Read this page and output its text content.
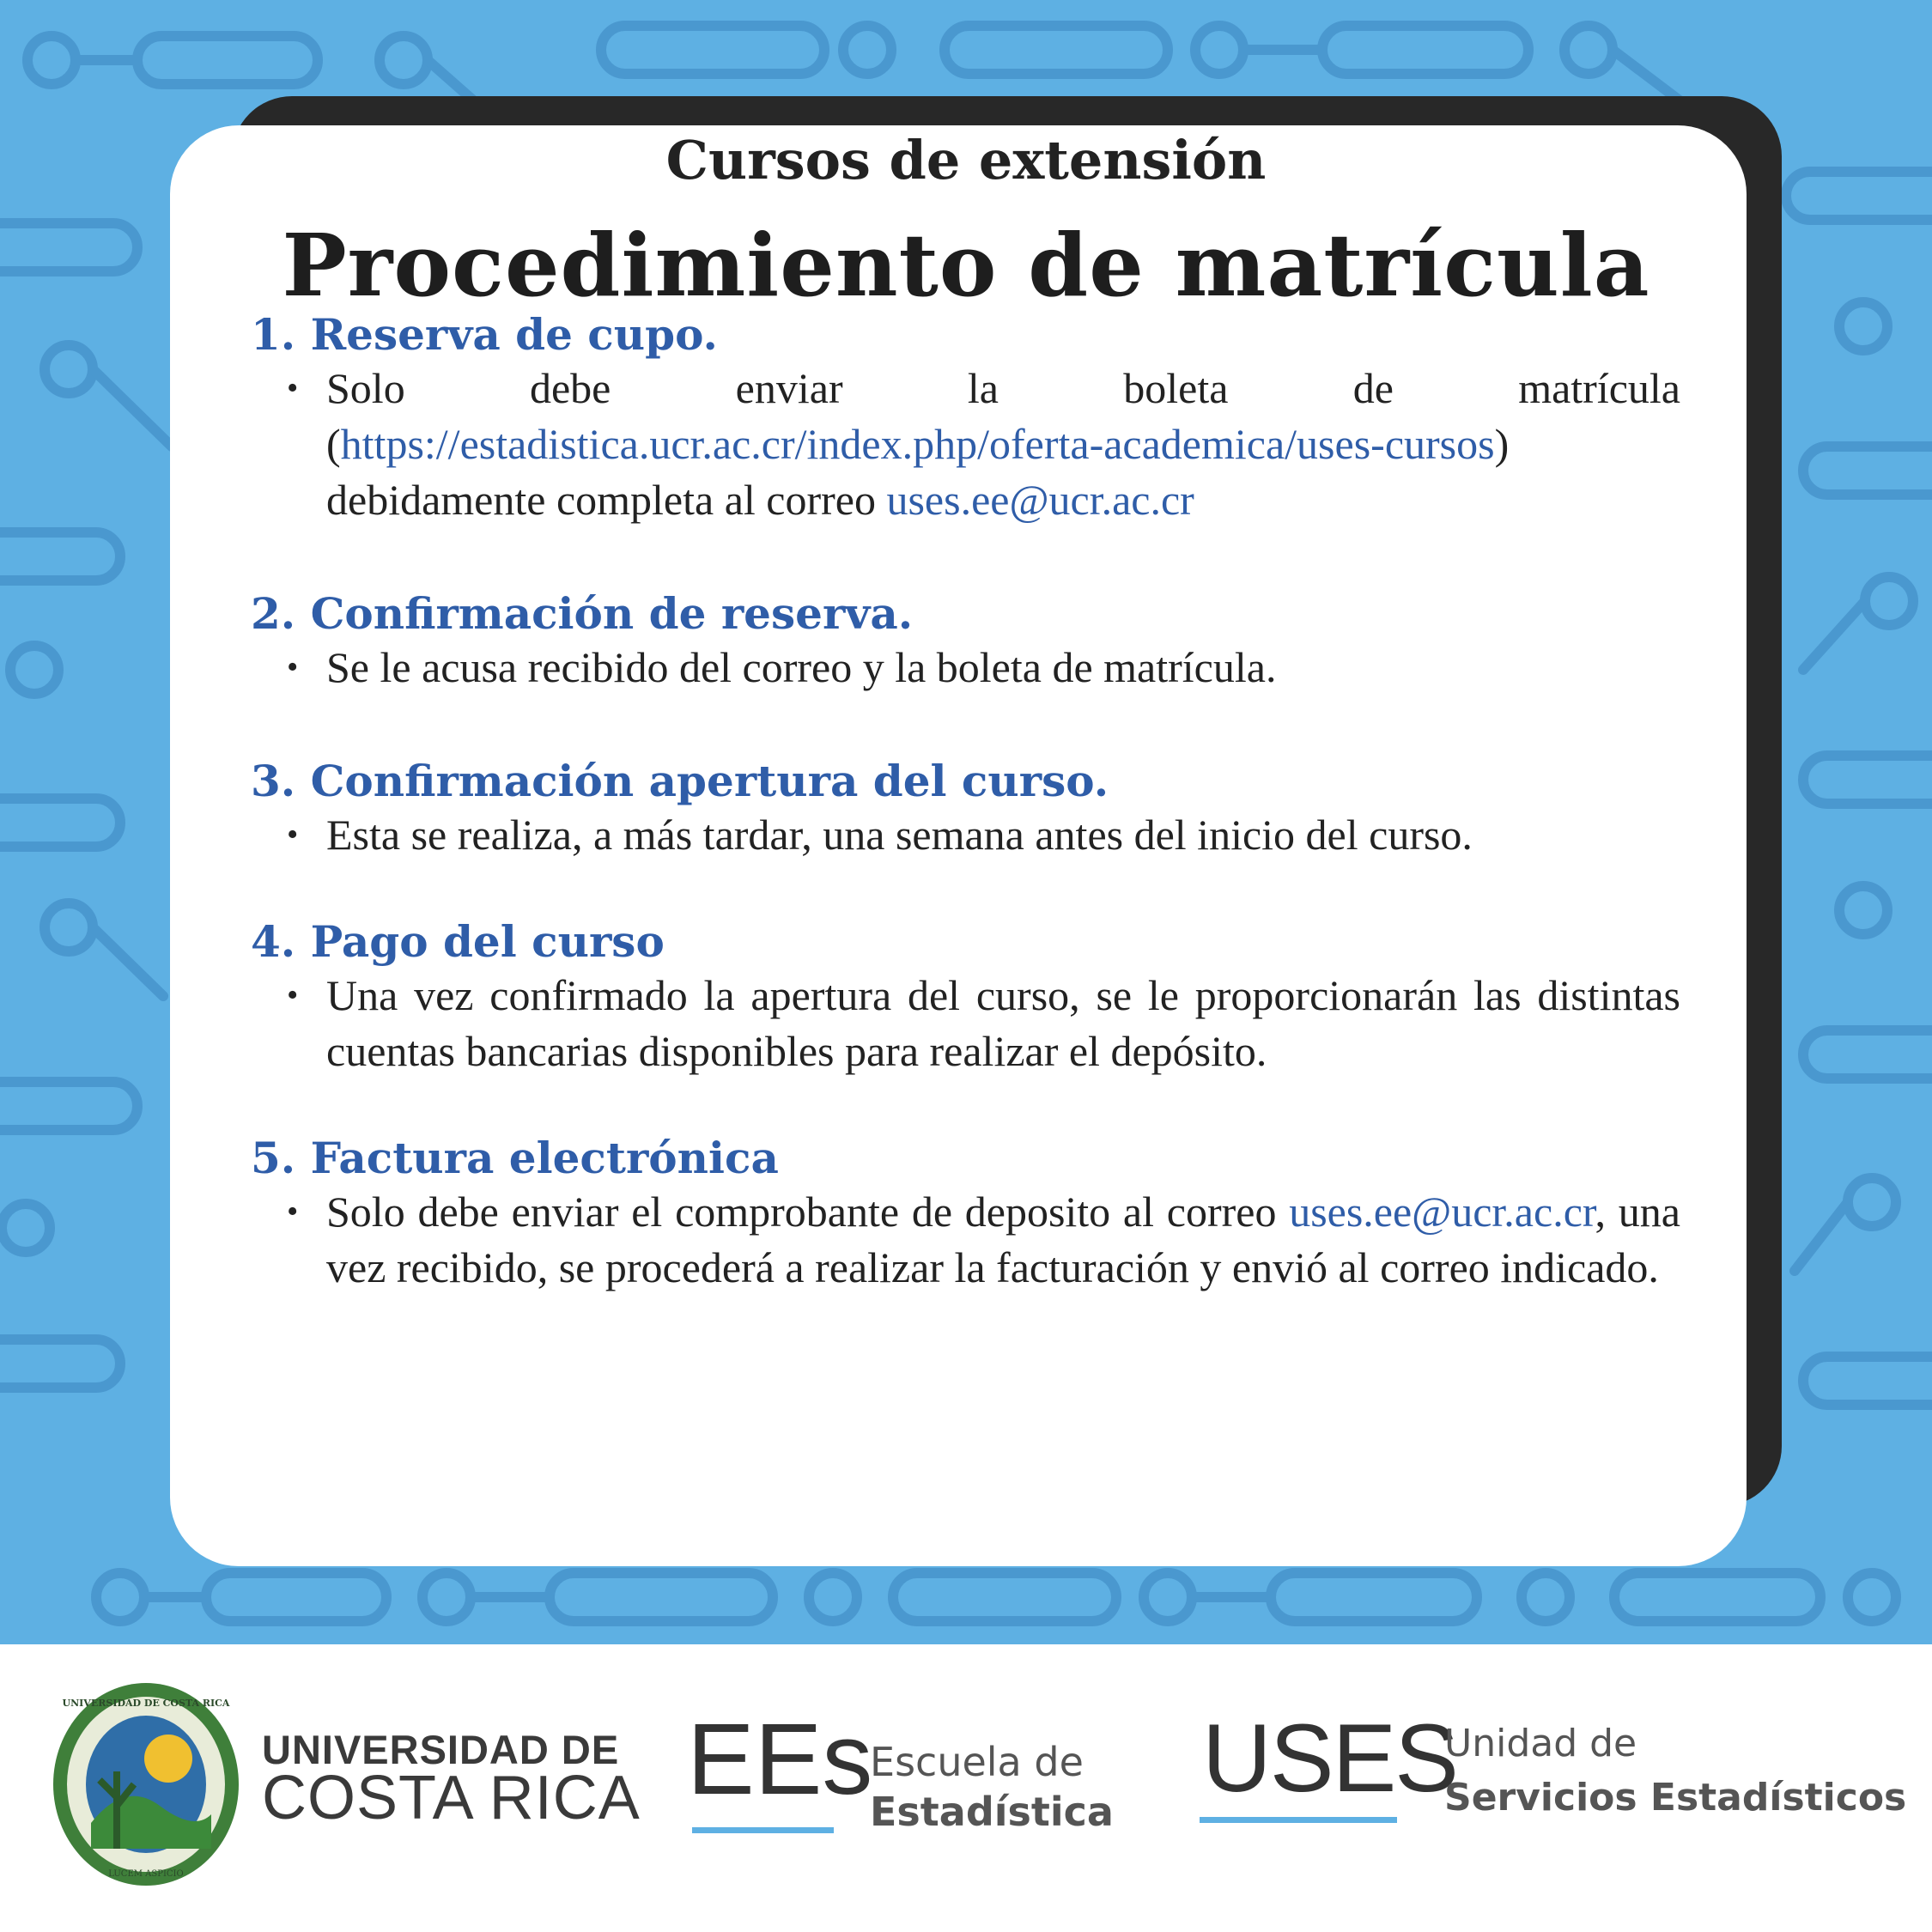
Cursos de extensión
Procedimiento de matrícula
1. Reserva de cupo.
• Solo debe enviar la boleta de matrícula (https://estadistica.ucr.ac.cr/index.php/oferta-academica/uses-cursos) debidamente completa al correo uses.ee@ucr.ac.cr
2. Confirmación de reserva.
• Se le acusa recibido del correo y la boleta de matrícula.
3. Confirmación apertura del curso.
• Esta se realiza, a más tardar, una semana antes del inicio del curso.
4. Pago del curso
• Una vez confirmado la apertura del curso, se le proporcionarán las distintas cuentas bancarias disponibles para realizar el depósito.
5. Factura electrónica
• Solo debe enviar el comprobante de deposito al correo uses.ee@ucr.ac.cr, una vez recibido, se procederá a realizar la facturación y envió al correo indicado.
UNIVERSIDAD DE COSTA RICA
LUCEM ASPICIO
UNIVERSIDAD DE
COSTA RICA EEs
Escuela de
Estadística USES
Unidad de
Servicios Estadísticos
